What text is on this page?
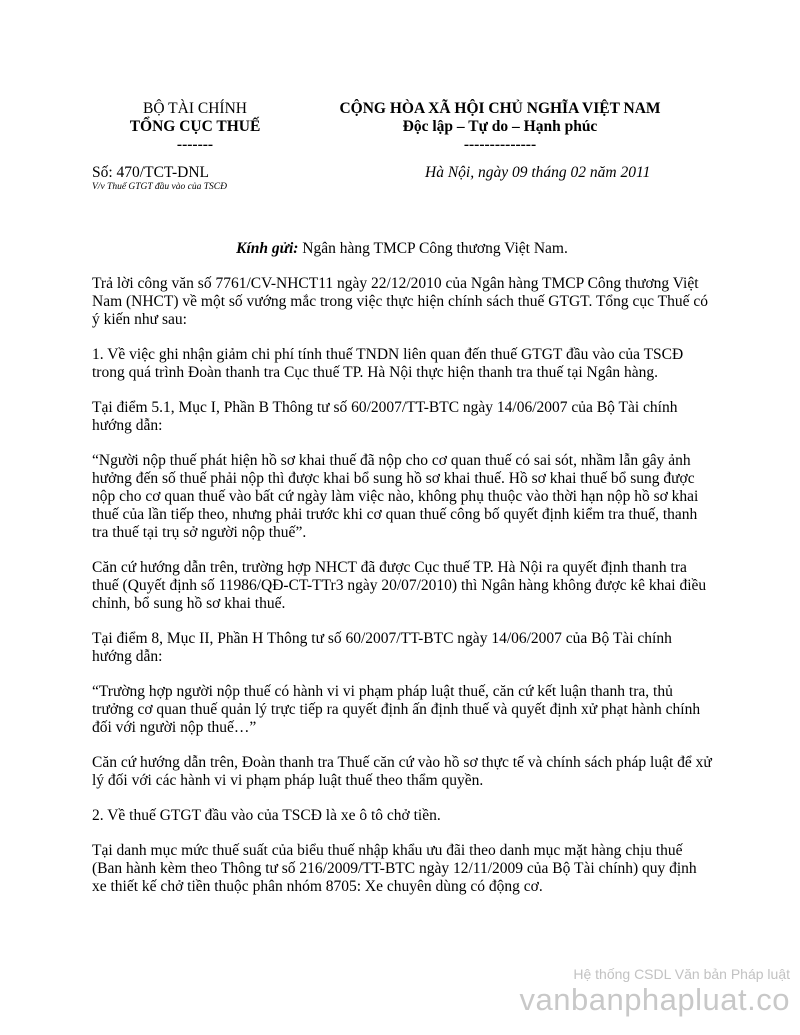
BỘ TÀI CHÍNH
TỔNG CỤC THUẾ
-------
CỘNG HÒA XÃ HỘI CHỦ NGHĨA VIỆT NAM
Độc lập – Tự do – Hạnh phúc
--------------
Số: 470/TCT-DNL
V/v Thuế GTGT đầu vào của TSCĐ
Hà Nội, ngày 09 tháng 02 năm 2011

Kính gửi: Ngân hàng TMCP Công thương Việt Nam.

Trả lời công văn số 7761/CV-NHCT11 ngày 22/12/2010 của Ngân hàng TMCP Công thương Việt Nam (NHCT) về một số vướng mắc trong việc thực hiện chính sách thuế GTGT. Tổng cục Thuế có ý kiến như sau:

1. Về việc ghi nhận giảm chi phí tính thuế TNDN liên quan đến thuế GTGT đầu vào của TSCĐ trong quá trình Đoàn thanh tra Cục thuế TP. Hà Nội thực hiện thanh tra thuế tại Ngân hàng.

Tại điểm 5.1, Mục I, Phần B Thông tư số 60/2007/TT-BTC ngày 14/06/2007 của Bộ Tài chính hướng dẫn:

“Người nộp thuế phát hiện hồ sơ khai thuế đã nộp cho cơ quan thuế có sai sót, nhầm lẫn gây ảnh hưởng đến số thuế phải nộp thì được khai bổ sung hồ sơ khai thuế. Hồ sơ khai thuế bổ sung được nộp cho cơ quan thuế vào bất cứ ngày làm việc nào, không phụ thuộc vào thời hạn nộp hồ sơ khai thuế của lần tiếp theo, nhưng phải trước khi cơ quan thuế công bố quyết định kiểm tra thuế, thanh tra thuế tại trụ sở người nộp thuế”.

Căn cứ hướng dẫn trên, trường hợp NHCT đã được Cục thuế TP. Hà Nội ra quyết định thanh tra thuế (Quyết định số 11986/QĐ-CT-TTr3 ngày 20/07/2010) thì Ngân hàng không được kê khai điều chỉnh, bổ sung hồ sơ khai thuế.

Tại điểm 8, Mục II, Phần H Thông tư số 60/2007/TT-BTC ngày 14/06/2007 của Bộ Tài chính hướng dẫn:

“Trường hợp người nộp thuế có hành vi vi phạm pháp luật thuế, căn cứ kết luận thanh tra, thủ trưởng cơ quan thuế quản lý trực tiếp ra quyết định ấn định thuế và quyết định xử phạt hành chính đối với người nộp thuế…”

Căn cứ hướng dẫn trên, Đoàn thanh tra Thuế căn cứ vào hồ sơ thực tế và chính sách pháp luật để xử lý đối với các hành vi vi phạm pháp luật thuế theo thẩm quyền.

2. Về thuế GTGT đầu vào của TSCĐ là xe ô tô chở tiền.

Tại danh mục mức thuế suất của biểu thuế nhập khẩu ưu đãi theo danh mục mặt hàng chịu thuế (Ban hành kèm theo Thông tư số 216/2009/TT-BTC ngày 12/11/2009 của Bộ Tài chính) quy định xe thiết kế chở tiền thuộc phân nhóm 8705: Xe chuyên dùng có động cơ.

Hệ thống CSDL Văn bản Pháp luật
vanbanphapluat.co
